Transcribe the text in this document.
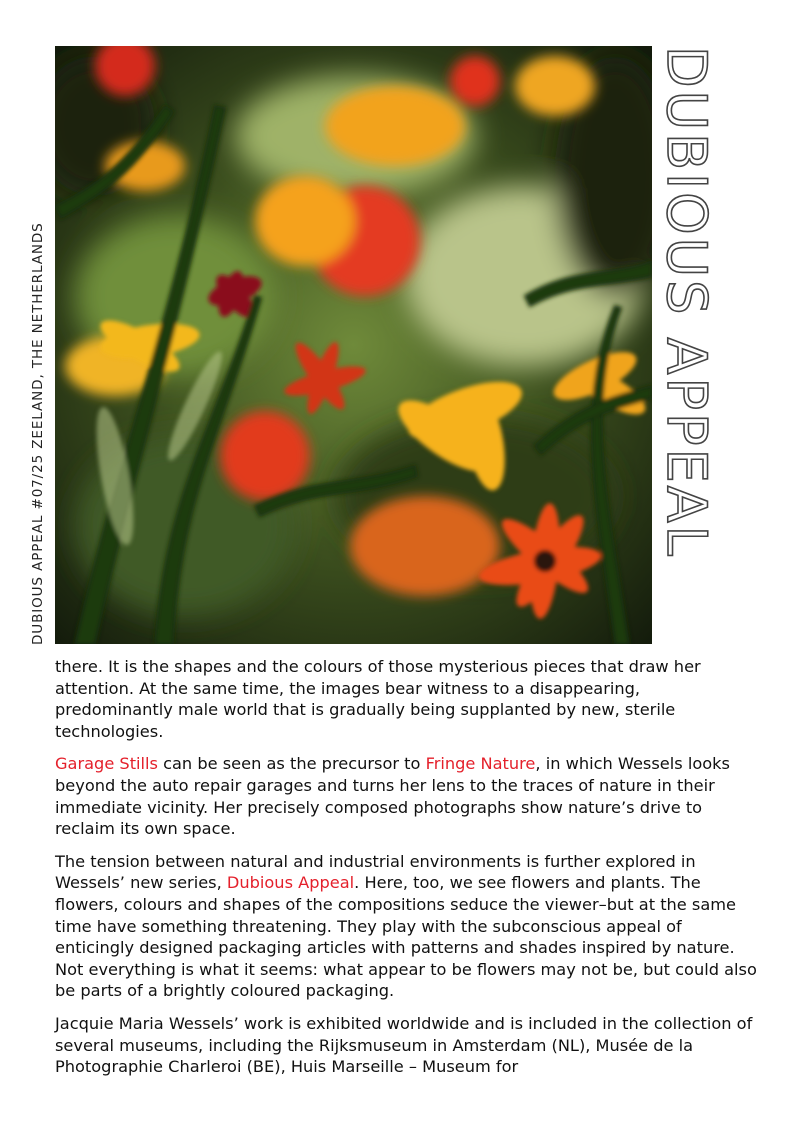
DUBIOUS APPEAL #07/25 ZEELAND, THE NETHERLANDS	DUBIOUS APPEAL

there. It is the shapes and the colours of those mysterious pieces that draw her attention. At the same time, the images bear witness to a disappearing, predominantly male world that is gradually being supplanted by new, sterile technologies.

Garage Stills can be seen as the precursor to Fringe Nature, in which Wessels looks beyond the auto repair garages and turns her lens to the traces of nature in their immediate vicinity. Her precisely composed photographs show nature’s drive to reclaim its own space.

The tension between natural and industrial environments is further explored in Wessels’ new series, Dubious Appeal. Here, too, we see flowers and plants. The flowers, colours and shapes of the compositions seduce the viewer–but at the same time have something threatening. They play with the subconscious appeal of enticingly designed packaging articles with patterns and shades inspired by nature. Not everything is what it seems: what appear to be flowers may not be, but could also be parts of a brightly coloured packaging.

Jacquie Maria Wessels’ work is exhibited worldwide and is included in the collection of several museums, including the Rijksmuseum in Amsterdam (NL), Musée de la Photographie Charleroi (BE), Huis Marseille – Museum for
